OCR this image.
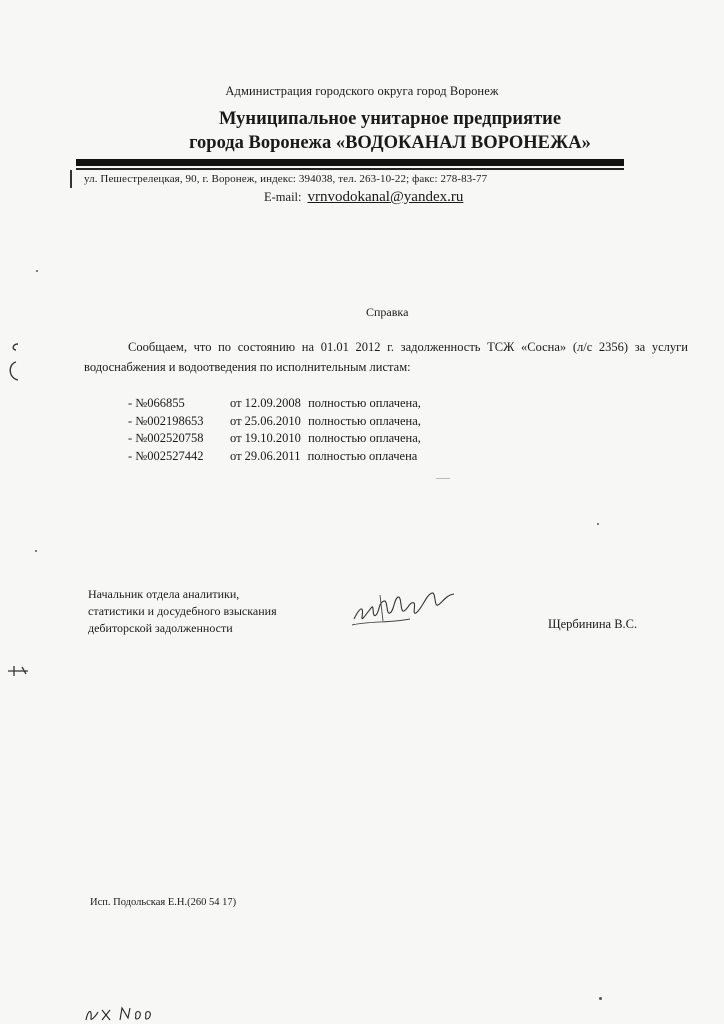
Администрация городского округа город Воронеж
Муниципальное унитарное предприятие
города Воронежа «ВОДОКАНАЛ ВОРОНЕЖА»
ул. Пешестрелецкая, 90, г. Воронеж, индекс: 394038, тел. 263-10-22; факс: 278-83-77
E-mail: vrnvodokanal@yandex.ru
Справка
Сообщаем, что по состоянию на 01.01 2012 г. задолженность ТСЖ «Сосна» (л/с 2356) за услуги водоснабжения и водоотведения по исполнительным листам:
- №066855	от 12.09.2008 полностью оплачена,
- №002198653 от 25.06.2010 полностью оплачена,
- №002520758 от 19.10.2010 полностью оплачена,
- №002527442 от 29.06.2011 полностью оплачена
Начальник отдела аналитики,
статистики и досудебного взыскания
дебиторской задолженности	Щербинина В.С.
Исп. Подольская Е.Н.(260 54 17)
